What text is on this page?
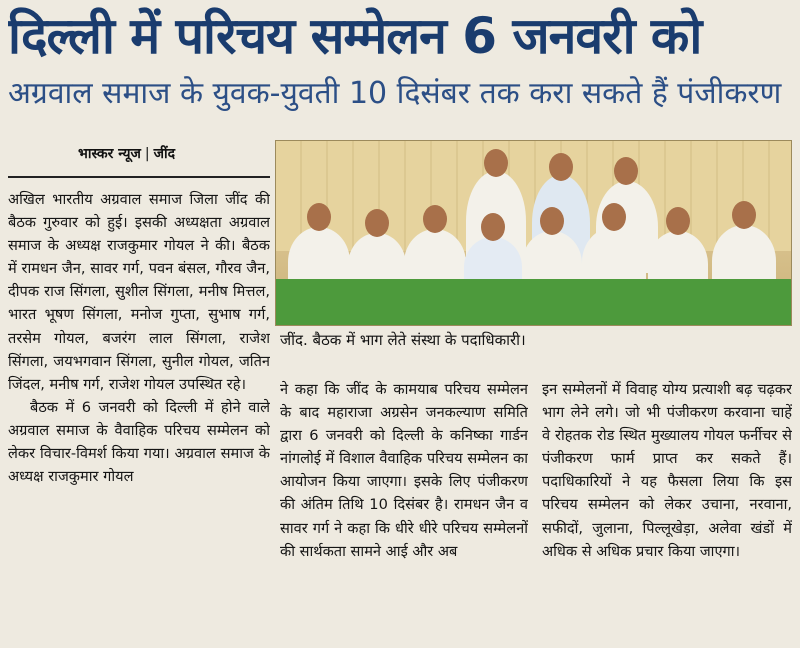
दिल्ली में परिचय सम्मेलन 6 जनवरी को
अग्रवाल समाज के युवक-युवती 10 दिसंबर तक करा सकते हैं पंजीकरण
भास्कर न्यूज | जींद
जींद. बैठक में भाग लेते संस्था के पदाधिकारी।

अखिल भारतीय अग्रवाल समाज जिला जींद की बैठक गुरुवार को हुई। इसकी अध्यक्षता अग्रवाल समाज के अध्यक्ष राजकुमार गोयल ने की। बैठक में रामधन जैन, सावर गर्ग, पवन बंसल, गौरव जैन, दीपक राज सिंगला, सुशील सिंगला, मनीष मित्तल, भारत भूषण सिंगला, मनोज गुप्ता, सुभाष गर्ग, तरसेम गोयल, बजरंग लाल सिंगला, राजेश सिंगला, जयभगवान सिंगला, सुनील गोयल, जतिन जिंदल, मनीष गर्ग, राजेश गोयल उपस्थित रहे।

बैठक में 6 जनवरी को दिल्ली में होने वाले अग्रवाल समाज के वैवाहिक परिचय सम्मेलन को लेकर विचार-विमर्श किया गया। अग्रवाल समाज के अध्यक्ष राजकुमार गोयल

ने कहा कि जींद के कामयाब परिचय सम्मेलन के बाद महाराजा अग्रसेन जनकल्याण समिति द्वारा 6 जनवरी को दिल्ली के कनिष्का गार्डन नांगलोई में विशाल वैवाहिक परिचय सम्मेलन का आयोजन किया जाएगा। इसके लिए पंजीकरण की अंतिम तिथि 10 दिसंबर है। रामधन जैन व सावर गर्ग ने कहा कि धीरे धीरे परिचय सम्मेलनों की सार्थकता सामने आई और अब

इन सम्मेलनों में विवाह योग्य प्रत्याशी बढ़ चढ़कर भाग लेने लगे। जो भी पंजीकरण करवाना चाहें वे रोहतक रोड स्थित मुख्यालय गोयल फर्नीचर से पंजीकरण फार्म प्राप्त कर सकते हैं। पदाधिकारियों ने यह फैसला लिया कि इस परिचय सम्मेलन को लेकर उचाना, नरवाना, सफीदों, जुलाना, पिल्लूखेड़ा, अलेवा खंडों में अधिक से अधिक प्रचार किया जाएगा।
